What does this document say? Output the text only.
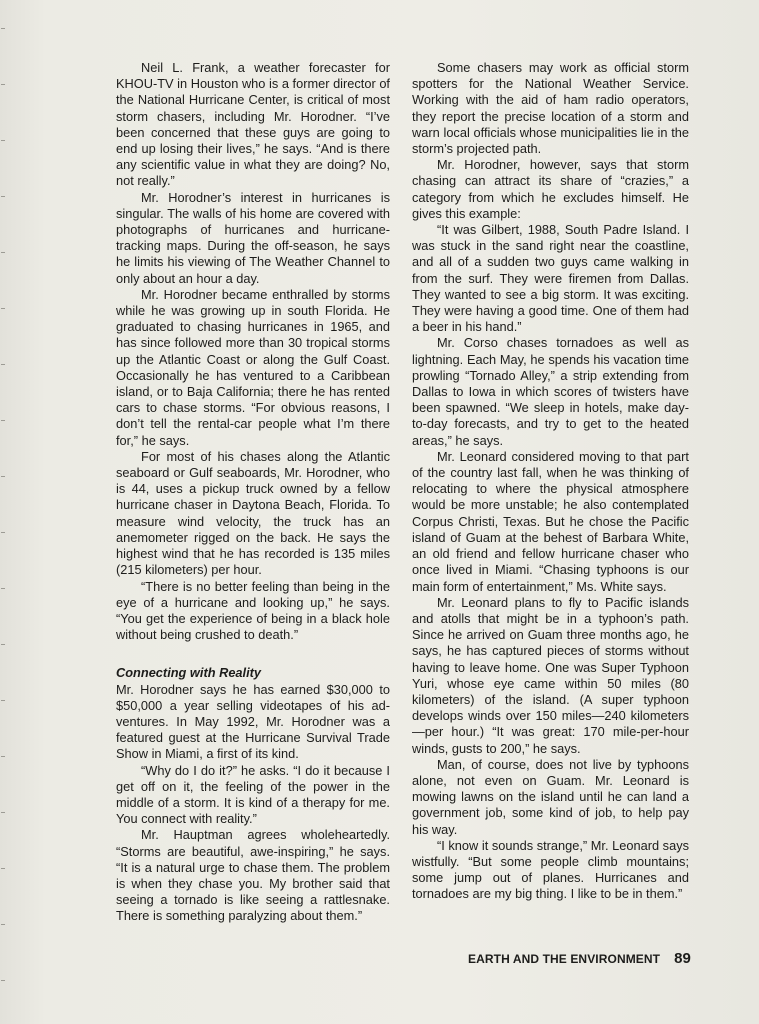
Neil L. Frank, a weather forecaster for KHOU-TV in Houston who is a former director of the National Hurricane Center, is critical of most storm chasers, including Mr. Horodner. “I’ve been concerned that these guys are going to end up losing their lives,” he says. “And is there any scientific value in what they are doing? No, not really.”

Mr. Horodner’s interest in hurricanes is singular. The walls of his home are covered with photographs of hurricanes and hurricane-tracking maps. During the off-season, he says he limits his viewing of The Weather Channel to only about an hour a day.

Mr. Horodner became enthralled by storms while he was growing up in south Florida. He graduated to chasing hurricanes in 1965, and has since followed more than 30 tropical storms up the Atlantic Coast or along the Gulf Coast. Occasionally he has ventured to a Caribbean island, or to Baja California; there he has rented cars to chase storms. “For obvious reasons, I don’t tell the rental-car people what I’m there for,” he says.

For most of his chases along the Atlantic seaboard or Gulf seaboards, Mr. Horodner, who is 44, uses a pickup truck owned by a fellow hurricane chaser in Daytona Beach, Florida. To measure wind velocity, the truck has an anemometer rigged on the back. He says the highest wind that he has recorded is 135 miles (215 kilometers) per hour.

“There is no better feeling than being in the eye of a hurricane and looking up,” he says. “You get the experience of being in a black hole without being crushed to death.”

Connecting with Reality

Mr. Horodner says he has earned $30,000 to $50,000 a year selling videotapes of his adventures. In May 1992, Mr. Horodner was a featured guest at the Hurricane Survival Trade Show in Miami, a first of its kind.

“Why do I do it?” he asks. “I do it because I get off on it, the feeling of the power in the middle of a storm. It is kind of a therapy for me. You connect with reality.”

Mr. Hauptman agrees wholeheartedly. “Storms are beautiful, awe-inspiring,” he says. “It is a natural urge to chase them. The problem is when they chase you. My brother said that seeing a tornado is like seeing a rattlesnake. There is something paralyzing about them.”

Some chasers may work as official storm spotters for the National Weather Service. Working with the aid of ham radio operators, they report the precise location of a storm and warn local officials whose municipalities lie in the storm’s projected path.

Mr. Horodner, however, says that storm chasing can attract its share of “crazies,” a category from which he excludes himself. He gives this example:

“It was Gilbert, 1988, South Padre Island. I was stuck in the sand right near the coastline, and all of a sudden two guys came walking in from the surf. They were firemen from Dallas. They wanted to see a big storm. It was exciting. They were having a good time. One of them had a beer in his hand.”

Mr. Corso chases tornadoes as well as lightning. Each May, he spends his vacation time prowling “Tornado Alley,” a strip extending from Dallas to Iowa in which scores of twisters have been spawned. “We sleep in hotels, make day-to-day forecasts, and try to get to the heated areas,” he says.

Mr. Leonard considered moving to that part of the country last fall, when he was thinking of relocating to where the physical atmosphere would be more unstable; he also contemplated Corpus Christi, Texas. But he chose the Pacific island of Guam at the behest of Barbara White, an old friend and fellow hurricane chaser who once lived in Miami. “Chasing typhoons is our main form of entertainment,” Ms. White says.

Mr. Leonard plans to fly to Pacific islands and atolls that might be in a typhoon’s path. Since he arrived on Guam three months ago, he says, he has captured pieces of storms without having to leave home. One was Super Typhoon Yuri, whose eye came within 50 miles (80 kilometers) of the island. (A super typhoon develops winds over 150 miles—240 kilometers—per hour.) “It was great: 170 mile-per-hour winds, gusts to 200,” he says.

Man, of course, does not live by typhoons alone, not even on Guam. Mr. Leonard is mowing lawns on the island until he can land a government job, some kind of job, to help pay his way.

“I know it sounds strange,” Mr. Leonard says wistfully. “But some people climb mountains; some jump out of planes. Hurricanes and tornadoes are my big thing. I like to be in them.”

EARTH AND THE ENVIRONMENT 89
